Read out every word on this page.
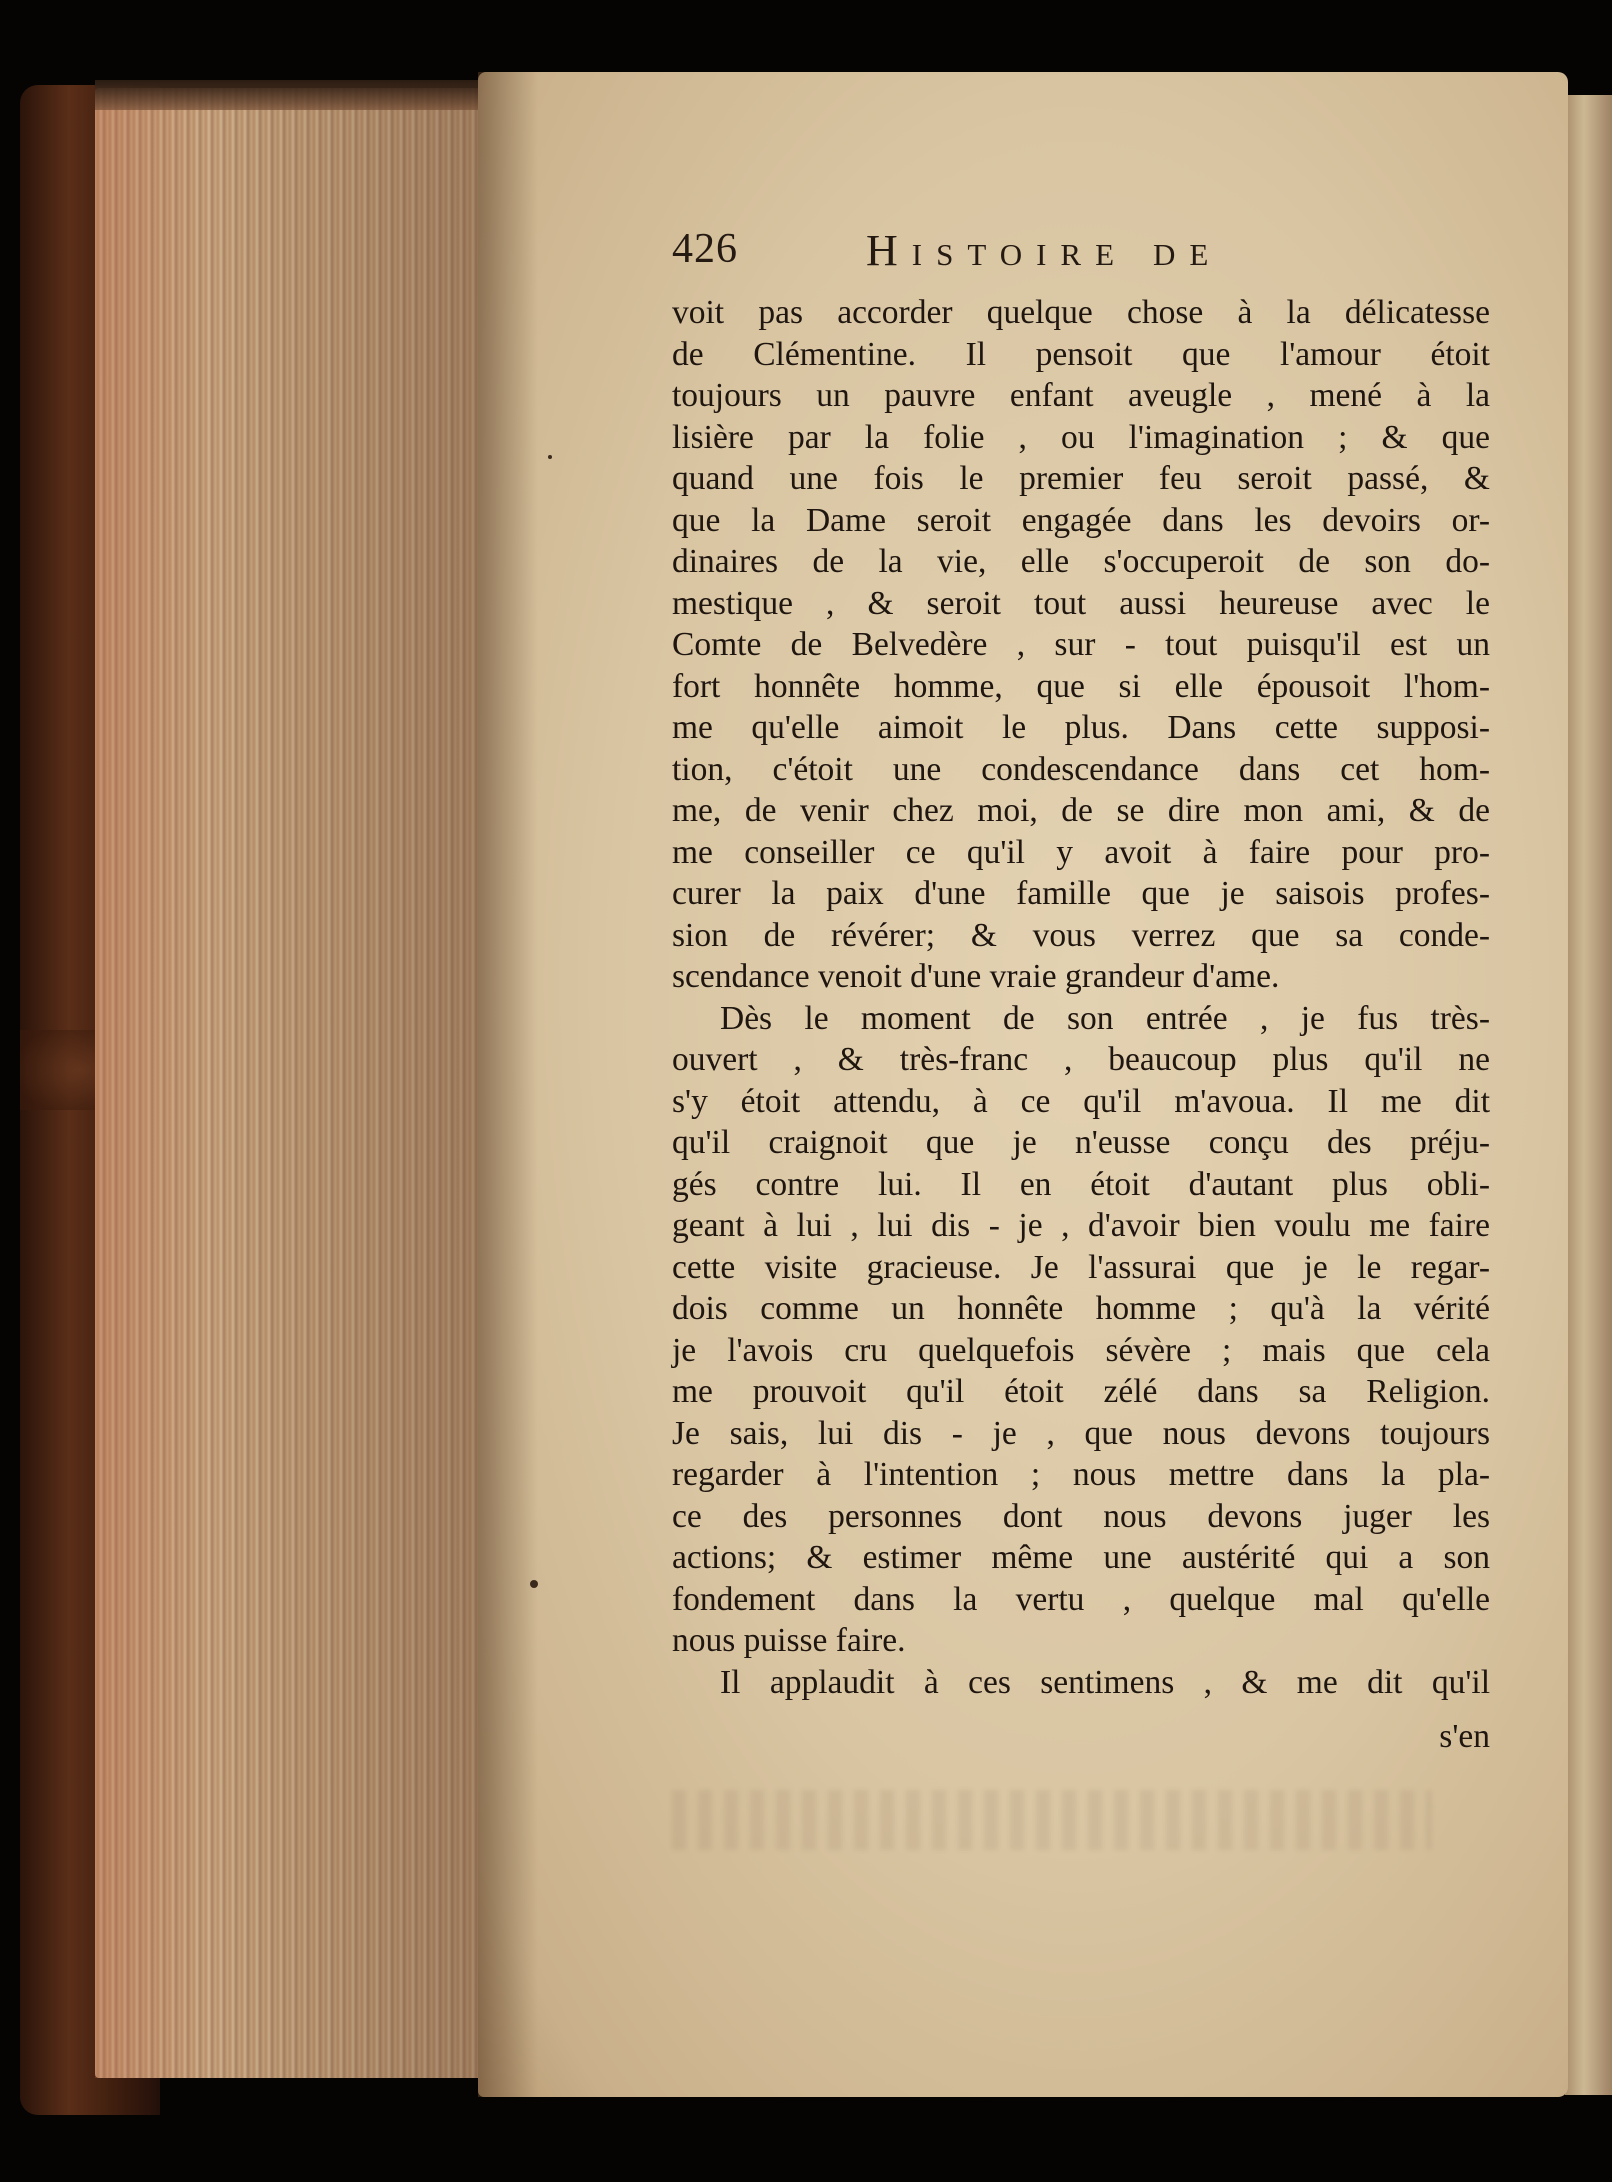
426	Histoire de
voit pas accorder quelque chose à la délicatesse
de Clémentine. Il pensoit que l'amour étoit
toujours un pauvre enfant aveugle , mené à la
lisière par la folie , ou l'imagination ; & que
quand une fois le premier feu seroit passé, &
que la Dame seroit engagée dans les devoirs or-
dinaires de la vie, elle s'occuperoit de son do-
mestique , & seroit tout aussi heureuse avec le
Comte de Belvedère , sur - tout puisqu'il est un
fort honnête homme, que si elle épousoit l'hom-
me qu'elle aimoit le plus. Dans cette supposi-
tion, c'étoit une condescendance dans cet hom-
me, de venir chez moi, de se dire mon ami, & de
me conseiller ce qu'il y avoit à faire pour pro-
curer la paix d'une famille que je saisois profes-
sion de révérer; & vous verrez que sa conde-
scendance venoit d'une vraie grandeur d'ame.
Dès le moment de son entrée , je fus très-
ouvert , & très-franc , beaucoup plus qu'il ne
s'y étoit attendu, à ce qu'il m'avoua. Il me dit
qu'il craignoit que je n'eusse conçu des préju-
gés contre lui. Il en étoit d'autant plus obli-
geant à lui , lui dis - je , d'avoir bien voulu me faire
cette visite gracieuse. Je l'assurai que je le regar-
dois comme un honnête homme ; qu'à la vérité
je l'avois cru quelquefois sévère ; mais que cela
me prouvoit qu'il étoit zélé dans sa Religion.
Je sais, lui dis - je , que nous devons toujours
regarder à l'intention ; nous mettre dans la pla-
ce des personnes dont nous devons juger les
actions; & estimer même une austérité qui a son
fondement dans la vertu , quelque mal qu'elle
nous puisse faire.
Il applaudit à ces sentimens , & me dit qu'il
s'en
